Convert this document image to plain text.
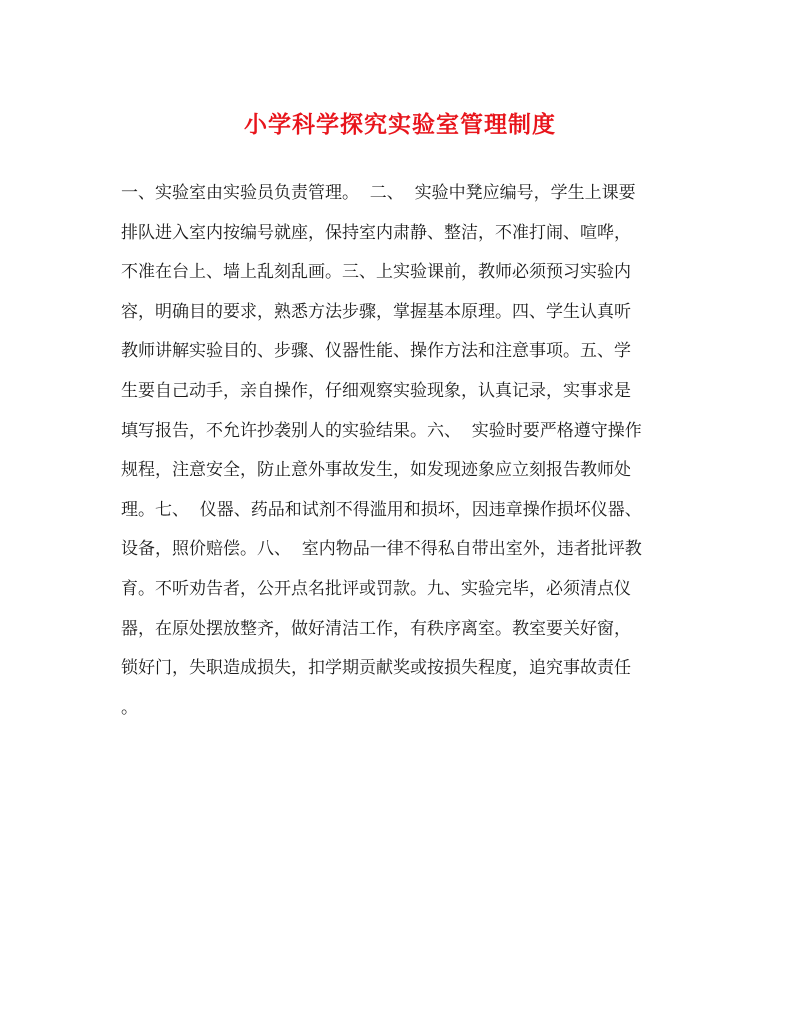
小学科学探究实验室管理制度

一、实验室由实验员负责管理。  二、  实验中凳应编号，学生上课要

排队进入室内按编号就座，保持室内肃静、整洁，不准打闹、喧哗，

不准在台上、墙上乱刻乱画。三、上实验课前，教师必须预习实验内

容，明确目的要求，熟悉方法步骤，掌握基本原理。四、学生认真听

教师讲解实验目的、步骤、仪器性能、操作方法和注意事项。五、学

生要自己动手，亲自操作，仔细观察实验现象，认真记录，实事求是

填写报告，不允许抄袭别人的实验结果。六、  实验时要严格遵守操作

规程，注意安全，防止意外事故发生，如发现迹象应立刻报告教师处

理。七、  仪器、药品和试剂不得滥用和损坏，因违章操作损坏仪器、

设备，照价赔偿。八、  室内物品一律不得私自带出室外，违者批评教

育。不听劝告者，公开点名批评或罚款。九、实验完毕，必须清点仪

器，在原处摆放整齐，做好清洁工作，有秩序离室。教室要关好窗，

锁好门，失职造成损失，扣学期贡献奖或按损失程度，追究事故责任

。
